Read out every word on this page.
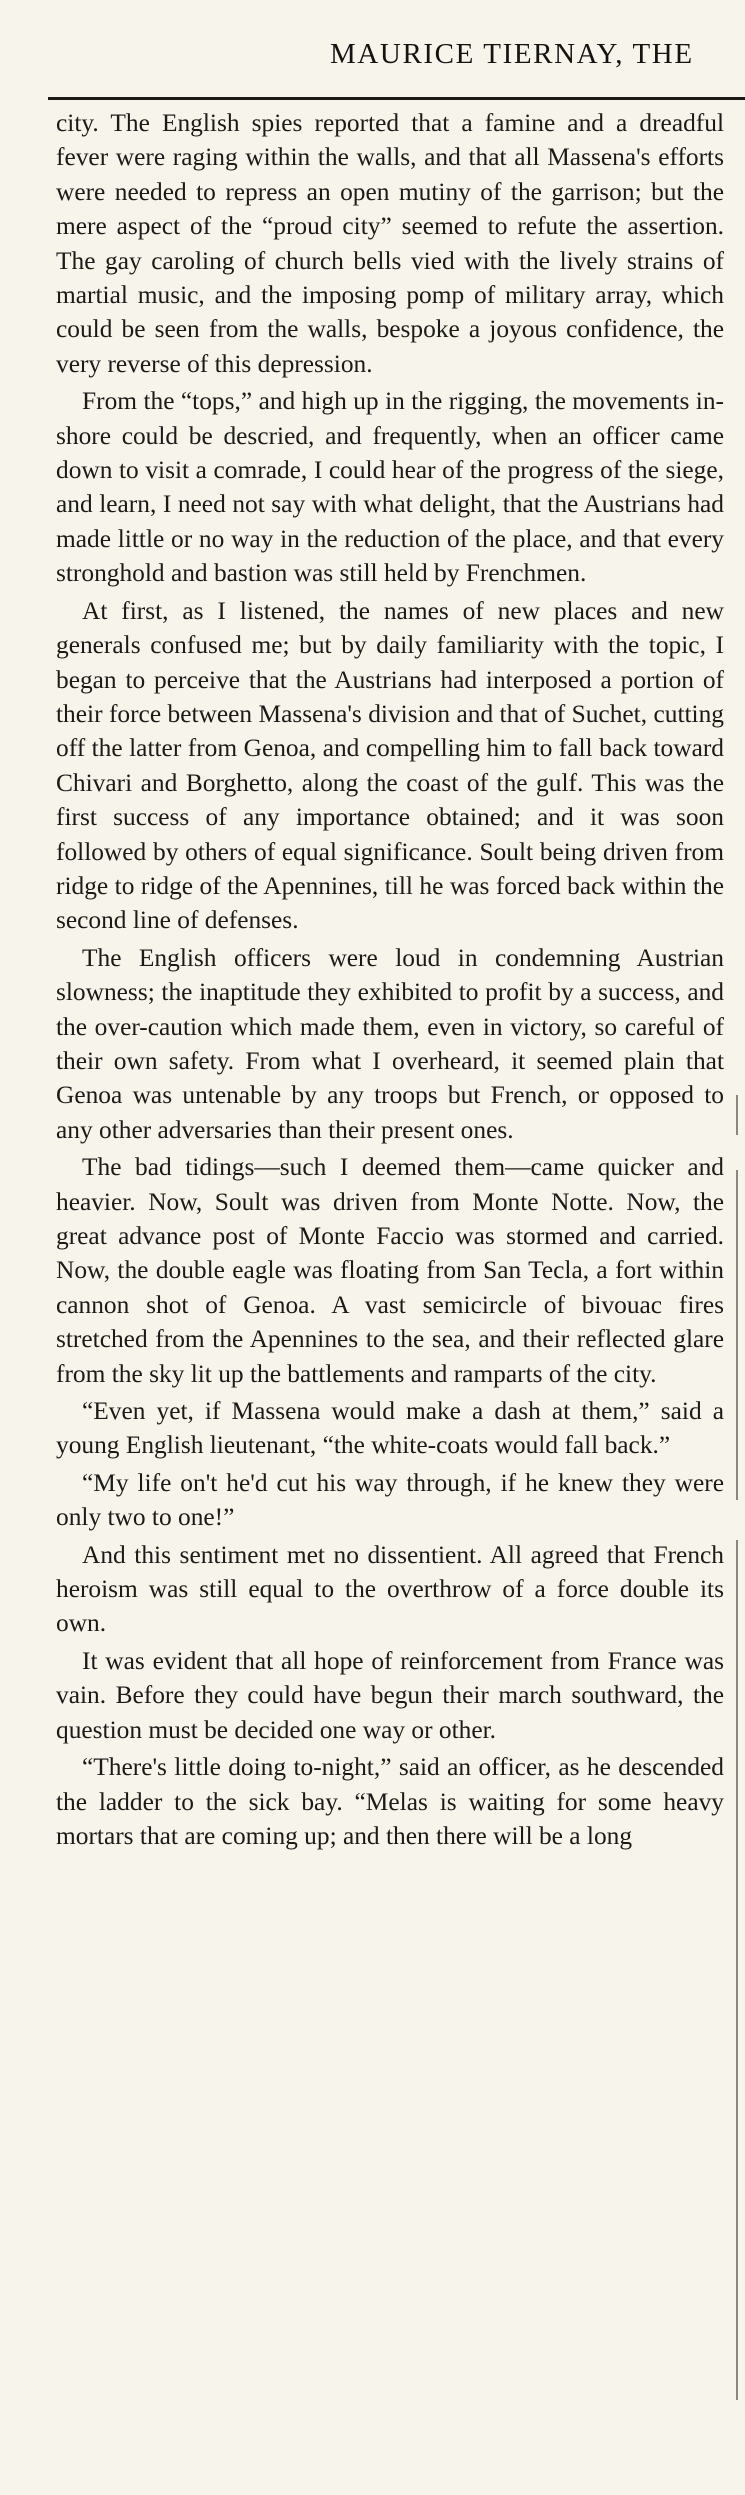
MAURICE TIERNAY, THE

city. The English spies reported that a famine and a dreadful fever were raging within the walls, and that all Massena's efforts were needed to repress an open mutiny of the garrison; but the mere aspect of the “proud city” seemed to refute the assertion. The gay caroling of church bells vied with the lively strains of martial music, and the imposing pomp of military array, which could be seen from the walls, bespoke a joyous confidence, the very reverse of this depression.

From the “tops,” and high up in the rigging, the movements in-shore could be descried, and frequently, when an officer came down to visit a comrade, I could hear of the progress of the siege, and learn, I need not say with what delight, that the Austrians had made little or no way in the reduction of the place, and that every stronghold and bastion was still held by Frenchmen.

At first, as I listened, the names of new places and new generals confused me; but by daily familiarity with the topic, I began to perceive that the Austrians had interposed a portion of their force between Massena's division and that of Suchet, cutting off the latter from Genoa, and compelling him to fall back toward Chivari and Borghetto, along the coast of the gulf. This was the first success of any importance obtained; and it was soon followed by others of equal significance. Soult being driven from ridge to ridge of the Apennines, till he was forced back within the second line of defenses.

The English officers were loud in condemning Austrian slowness; the inaptitude they exhibited to profit by a success, and the over-caution which made them, even in victory, so careful of their own safety. From what I overheard, it seemed plain that Genoa was untenable by any troops but French, or opposed to any other adversaries than their present ones.

The bad tidings—such I deemed them—came quicker and heavier. Now, Soult was driven from Monte Notte. Now, the great advance post of Monte Faccio was stormed and carried. Now, the double eagle was floating from San Tecla, a fort within cannon shot of Genoa. A vast semicircle of bivouac fires stretched from the Apennines to the sea, and their reflected glare from the sky lit up the battlements and ramparts of the city.

“Even yet, if Massena would make a dash at them,” said a young English lieutenant, “the white-coats would fall back.”

“My life on't he'd cut his way through, if he knew they were only two to one!”

And this sentiment met no dissentient. All agreed that French heroism was still equal to the overthrow of a force double its own.

It was evident that all hope of reinforcement from France was vain. Before they could have begun their march southward, the question must be decided one way or other.

“There's little doing to-night,” said an officer, as he descended the ladder to the sick bay. “Melas is waiting for some heavy mortars that are coming up; and then there will be a long
